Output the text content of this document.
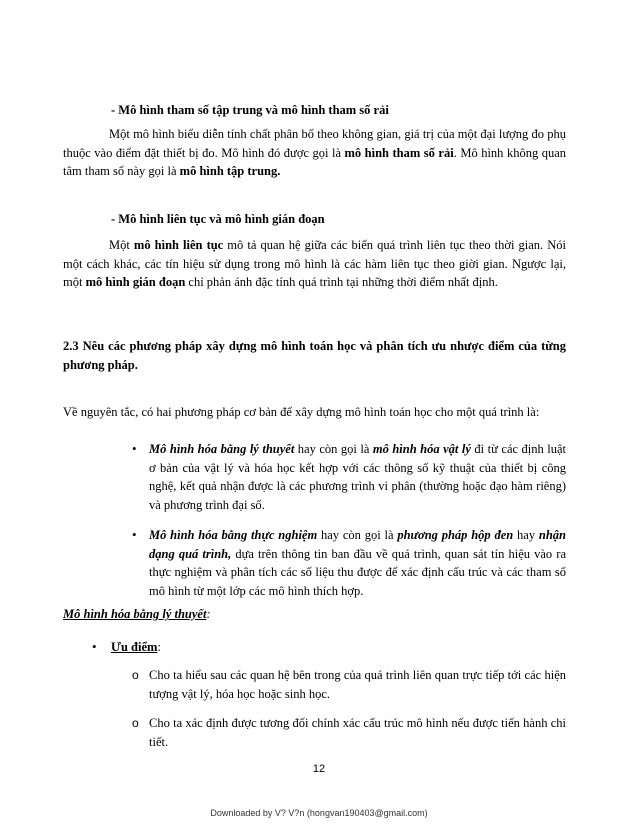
- Mô hình tham số tập trung và mô hình tham số rải
Một mô hình biểu diễn tính chất phân bố theo không gian, giá trị của một đại lượng đo phụ thuộc vào điểm đặt thiết bị đo. Mô hình đó được gọi là mô hình tham số rải. Mô hình không quan tâm tham số này gọi là mô hình tập trung.
- Mô hình liên tục và mô hình gián đoạn
Một mô hình liên tục mô tả quan hệ giữa các biến quá trình liên tục theo thời gian. Nói một cách khác, các tín hiệu sử dụng trong mô hình là các hàm liên tục theo giời gian. Ngược lại, một mô hình gián đoạn chỉ phản ánh đặc tính quá trình tại những thời điểm nhất định.
2.3 Nêu các phương pháp xây dựng mô hình toán học và phân tích ưu nhược điểm của từng phương pháp.
Về nguyên tắc, có hai phương pháp cơ bản để xây dựng mô hình toán học cho một quá trình là:
• Mô hình hóa bằng lý thuyết hay còn gọi là mô hình hóa vật lý đi từ các định luật ơ bản của vật lý và hóa học kết hợp với các thông số kỹ thuật của thiết bị công nghệ, kết quả nhận được là các phương trình vi phân (thường hoặc đạo hàm riêng) và phương trình đại số.
• Mô hình hóa bằng thực nghiệm hay còn gọi là phương pháp hộp đen hay nhận dạng quá trình, dựa trên thông tin ban đầu về quá trình, quan sát tín hiệu vào ra thực nghiệm và phân tích các số liệu thu được để xác định cấu trúc và các tham số mô hình từ một lớp các mô hình thích hợp.
Mô hình hóa bằng lý thuyết:
• Ưu điểm:
o Cho ta hiểu sau các quan hệ bên trong của quá trình liên quan trực tiếp tới các hiện tượng vật lý, hóa học hoặc sinh học.
o Cho ta xác định được tương đối chính xác cấu trúc mô hình nếu được tiến hành chi tiết.
12
Downloaded by V? V?n (hongvan190403@gmail.com)
